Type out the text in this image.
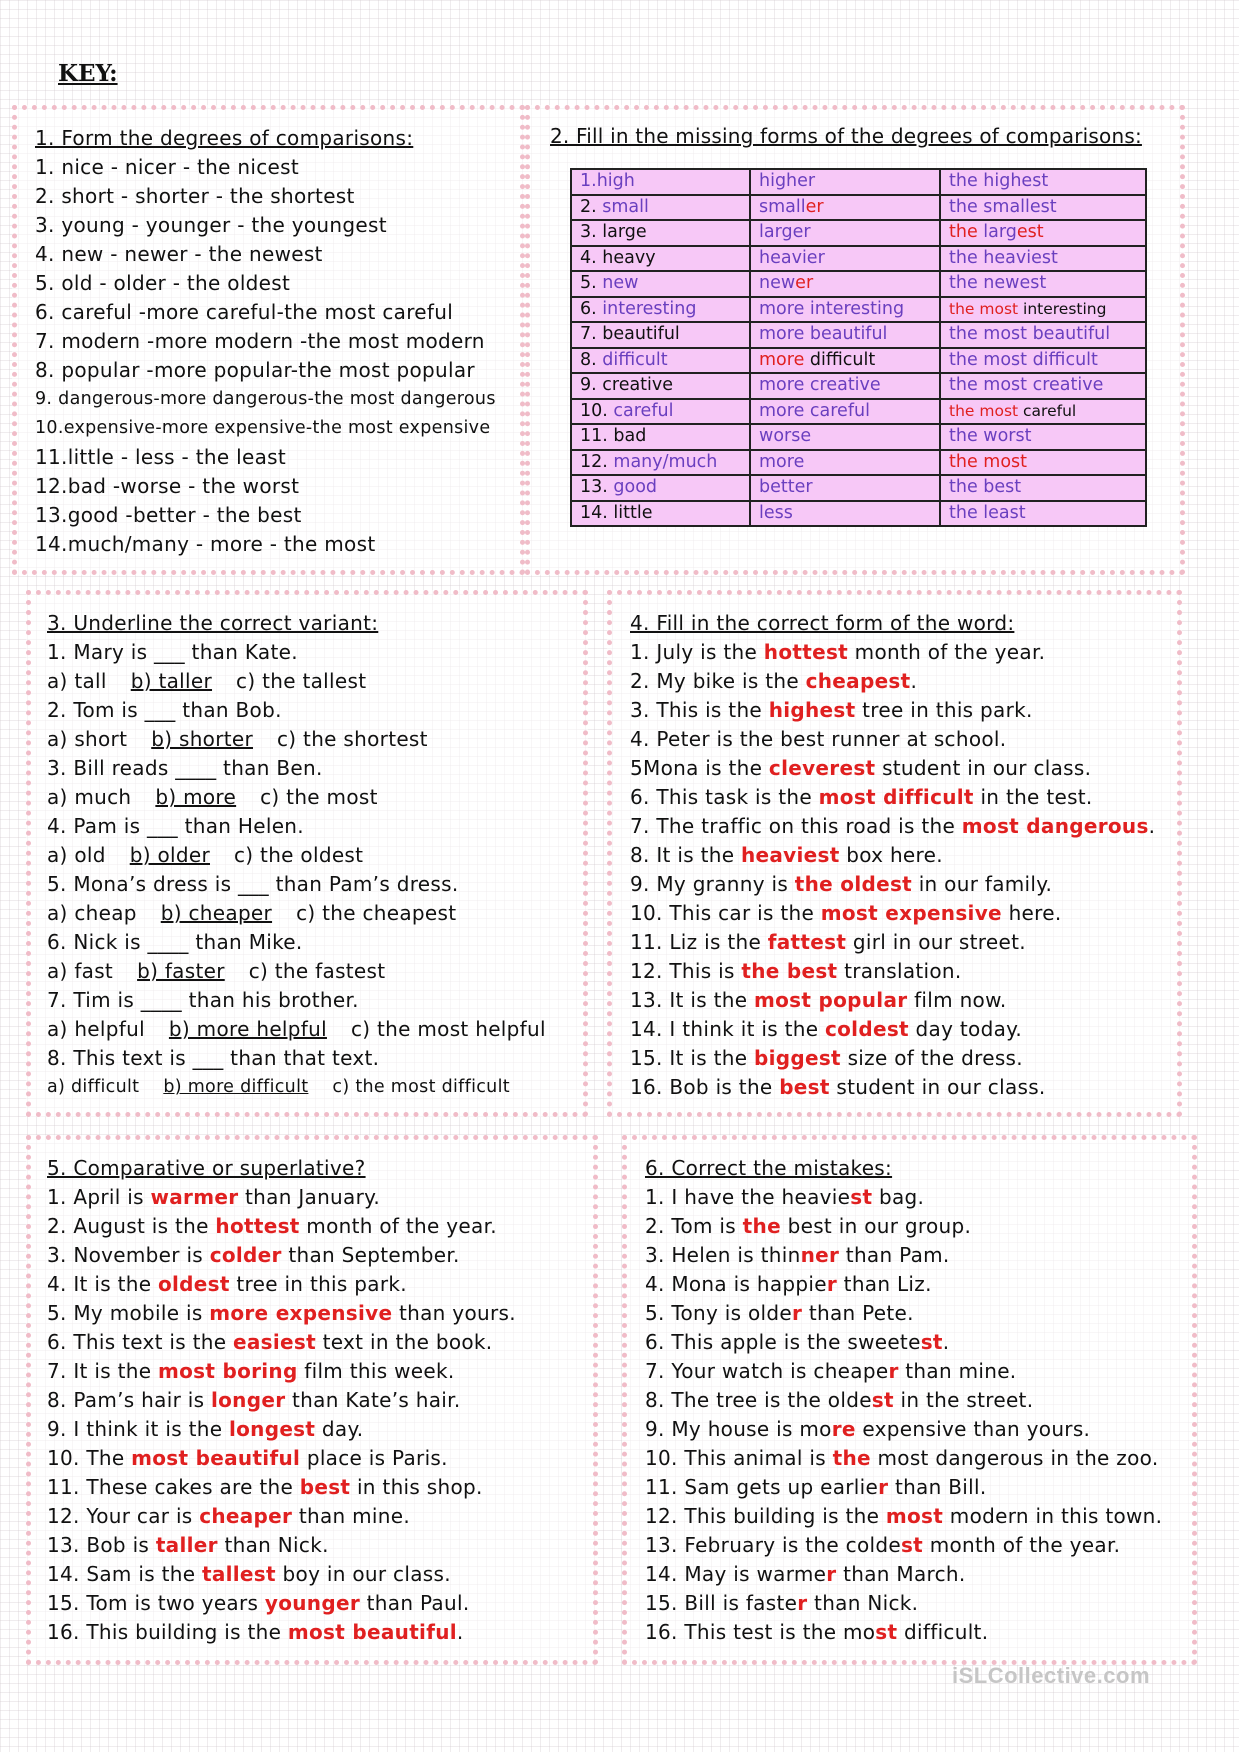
KEY:
1. Form the degrees of comparisons:
1. nice - nicer - the nicest
2. short - shorter - the shortest
3. young - younger - the youngest
4. new - newer - the newest
5. old - older - the oldest
6. careful -more careful-the most careful
7. modern -more modern -the most modern
8. popular -more popular-the most popular
9. dangerous-more dangerous-the most dangerous
10.expensive-more expensive-the most expensive
11.little - less - the least
12.bad -worse - the worst
13.good -better - the best
14.much/many - more - the most
2. Fill in the missing forms of the degrees of comparisons:
1.high	higher	the highest
2. small	smaller	the smallest
3. large	larger	the largest
4. heavy	heavier	the heaviest
5. new	newer	the newest
6. interesting	more interesting	the most interesting
7. beautiful	more beautiful	the most beautiful
8. difficult	more difficult	the most difficult
9. creative	more creative	the most creative
10. careful	more careful	the most careful
11. bad	worse	the worst
12. many/much	more	the most
13. good	better	the best
14. little	less	the least
3. Underline the correct variant:
1. Mary is ___ than Kate.
a) tall b) taller c) the tallest
2. Tom is ___ than Bob.
a) short b) shorter c) the shortest
3. Bill reads ____ than Ben.
a) much b) more c) the most
4. Pam is ___ than Helen.
a) old b) older c) the oldest
5. Mona’s dress is ___ than Pam’s dress.
a) cheap b) cheaper c) the cheapest
6. Nick is ____ than Mike.
a) fast b) faster c) the fastest
7. Tim is ____ than his brother.
a) helpful b) more helpful c) the most helpful
8. This text is ___ than that text.
a) difficult b) more difficult c) the most difficult
4. Fill in the correct form of the word:
1. July is the hottest month of the year.
2. My bike is the cheapest.
3. This is the highest tree in this park.
4. Peter is the best runner at school.
5Mona is the cleverest student in our class.
6. This task is the most difficult in the test.
7. The traffic on this road is the most dangerous.
8. It is the heaviest box here.
9. My granny is the oldest in our family.
10. This car is the most expensive here.
11. Liz is the fattest girl in our street.
12. This is the best translation.
13. It is the most popular film now.
14. I think it is the coldest day today.
15. It is the biggest size of the dress.
16. Bob is the best student in our class.
5. Comparative or superlative?
1. April is warmer than January.
2. August is the hottest month of the year.
3. November is colder than September.
4. It is the oldest tree in this park.
5. My mobile is more expensive than yours.
6. This text is the easiest text in the book.
7. It is the most boring film this week.
8. Pam’s hair is longer than Kate’s hair.
9. I think it is the longest day.
10. The most beautiful place is Paris.
11. These cakes are the best in this shop.
12. Your car is cheaper than mine.
13. Bob is taller than Nick.
14. Sam is the tallest boy in our class.
15. Tom is two years younger than Paul.
16. This building is the most beautiful.
6. Correct the mistakes:
1. I have the heaviest bag.
2. Tom is the best in our group.
3. Helen is thinner than Pam.
4. Mona is happier than Liz.
5. Tony is older than Pete.
6. This apple is the sweetest.
7. Your watch is cheaper than mine.
8. The tree is the oldest in the street.
9. My house is more expensive than yours.
10. This animal is the most dangerous in the zoo.
11. Sam gets up earlier than Bill.
12. This building is the most modern in this town.
13. February is the coldest month of the year.
14. May is warmer than March.
15. Bill is faster than Nick.
16. This test is the most difficult.
iSLCollective.com
